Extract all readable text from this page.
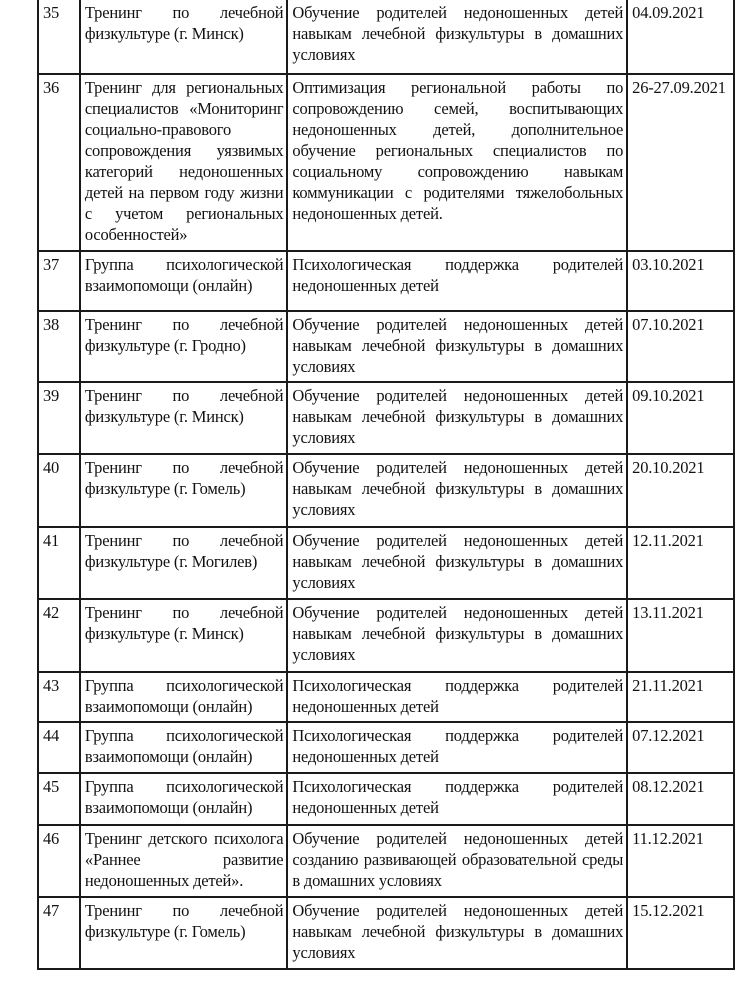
35	Тренинг по лечебной физкультуре (г. Минск)	Обучение родителей недоношенных детей навыкам лечебной физкультуры в домашних условиях	04.09.2021
36	Тренинг для региональных специалистов «Мониторинг социально-правового сопровождения уязвимых категорий недоношенных детей на первом году жизни с учетом региональных особенностей»	Оптимизация региональной работы по сопровождению семей, воспитывающих недоношенных детей, дополнительное обучение региональных специалистов по социальному сопровождению навыкам коммуникации с родителями тяжелобольных недоношенных детей.	26-27.09.2021
37	Группа психологической взаимопомощи (онлайн)	Психологическая поддержка родителей недоношенных детей	03.10.2021
38	Тренинг по лечебной физкультуре (г. Гродно)	Обучение родителей недоношенных детей навыкам лечебной физкультуры в домашних условиях	07.10.2021
39	Тренинг по лечебной физкультуре (г. Минск)	Обучение родителей недоношенных детей навыкам лечебной физкультуры в домашних условиях	09.10.2021
40	Тренинг по лечебной физкультуре (г. Гомель)	Обучение родителей недоношенных детей навыкам лечебной физкультуры в домашних условиях	20.10.2021
41	Тренинг по лечебной физкультуре (г. Могилев)	Обучение родителей недоношенных детей навыкам лечебной физкультуры в домашних условиях	12.11.2021
42	Тренинг по лечебной физкультуре (г. Минск)	Обучение родителей недоношенных детей навыкам лечебной физкультуры в домашних условиях	13.11.2021
43	Группа психологической взаимопомощи (онлайн)	Психологическая поддержка родителей недоношенных детей	21.11.2021
44	Группа психологической взаимопомощи (онлайн)	Психологическая поддержка родителей недоношенных детей	07.12.2021
45	Группа психологической взаимопомощи (онлайн)	Психологическая поддержка родителей недоношенных детей	08.12.2021
46	Тренинг детского психолога «Раннее развитие недоношенных детей».	Обучение родителей недоношенных детей созданию развивающей образовательной среды в домашних условиях	11.12.2021
47	Тренинг по лечебной физкультуре (г. Гомель)	Обучение родителей недоношенных детей навыкам лечебной физкультуры в домашних условиях	15.12.2021
